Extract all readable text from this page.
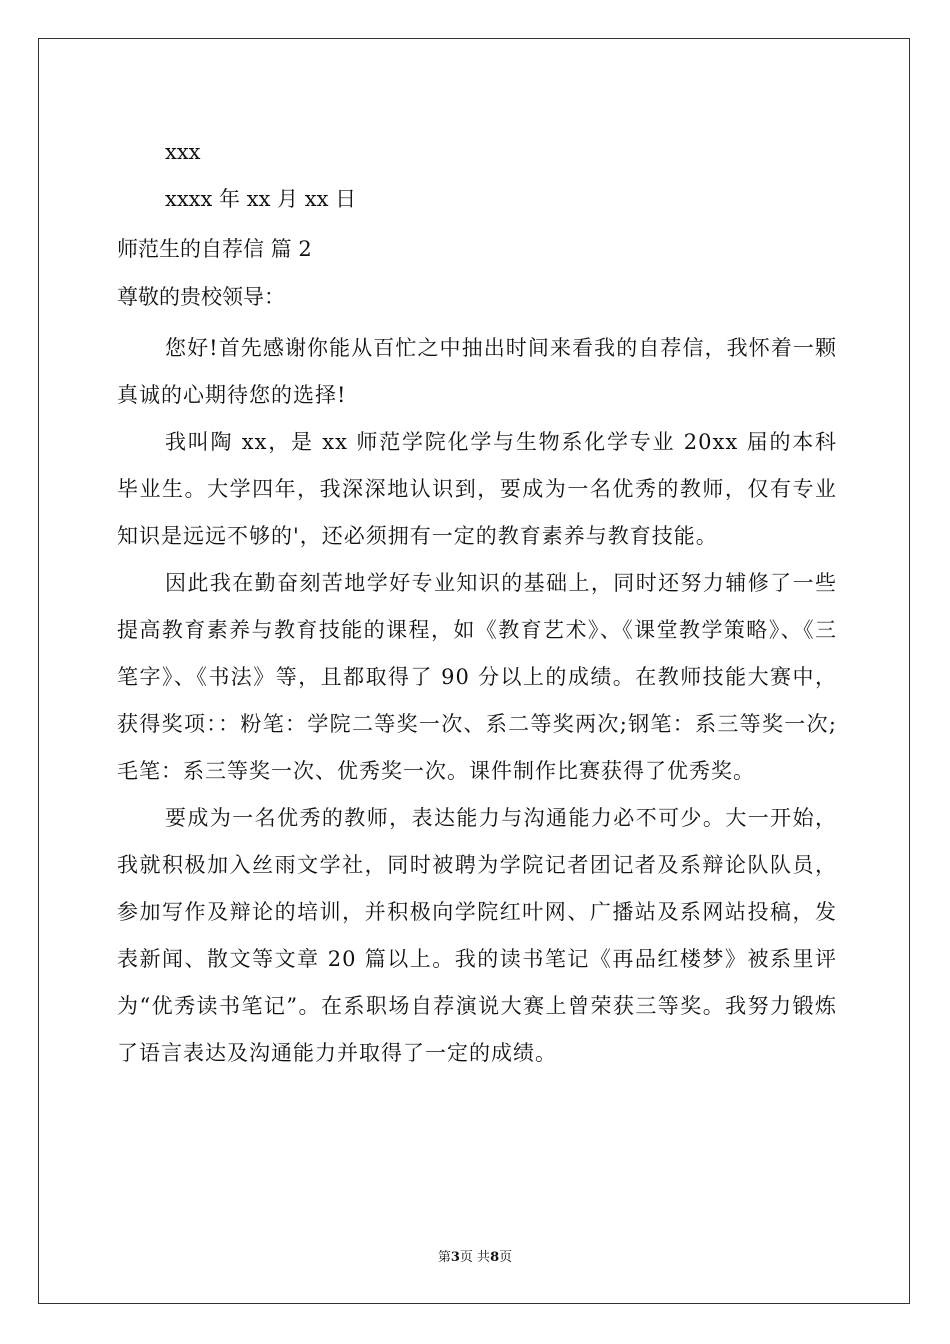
xxx
xxxx 年 xx 月 xx 日
师范生的自荐信 篇 2
尊敬的贵校领导：

您好!首先感谢你能从百忙之中抽出时间来看我的自荐信，我怀着一颗真诚的心期待您的选择!

我叫陶 xx，是 xx 师范学院化学与生物系化学专业 20xx 届的本科毕业生。大学四年，我深深地认识到，要成为一名优秀的教师，仅有专业知识是远远不够的'，还必须拥有一定的教育素养与教育技能。

因此我在勤奋刻苦地学好专业知识的基础上，同时还努力辅修了一些提高教育素养与教育技能的课程，如《教育艺术》、《课堂教学策略》、《三笔字》、《书法》等，且都取得了 90 分以上的成绩。在教师技能大赛中，获得奖项：：粉笔：学院二等奖一次、系二等奖两次;钢笔：系三等奖一次;毛笔：系三等奖一次、优秀奖一次。课件制作比赛获得了优秀奖。

要成为一名优秀的教师，表达能力与沟通能力必不可少。大一开始，我就积极加入丝雨文学社，同时被聘为学院记者团记者及系辩论队队员，参加写作及辩论的培训，并积极向学院红叶网、广播站及系网站投稿，发表新闻、散文等文章 20 篇以上。我的读书笔记《再品红楼梦》被系里评为“优秀读书笔记”。在系职场自荐演说大赛上曾荣获三等奖。我努力锻炼了语言表达及沟通能力并取得了一定的成绩。

第3页 共8页
